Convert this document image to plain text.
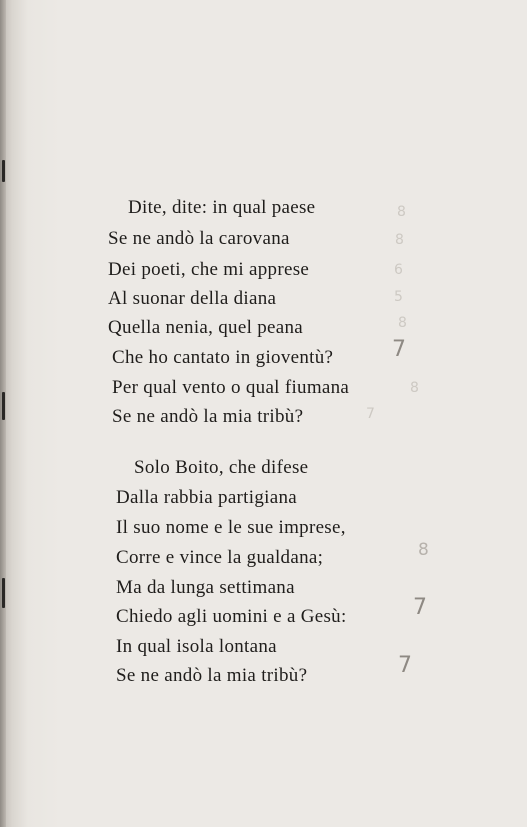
Dite, dite: in qual paese
Se ne andò la carovana
Dei poeti, che mi apprese
Al suonar della diana
Quella nenia, quel peana
Che ho cantato in gioventù?
Per qual vento o qual fiumana
Se ne andò la mia tribù?
Solo Boito, che difese
Dalla rabbia partigiana
Il suo nome e le sue imprese,
Corre e vince la gualdana;
Ma da lunga settimana
Chiedo agli uomini e a Gesù:
In qual isola lontana
Se ne andò la mia tribù?
8
8
6
5
8
7
8
7
8
7
7
